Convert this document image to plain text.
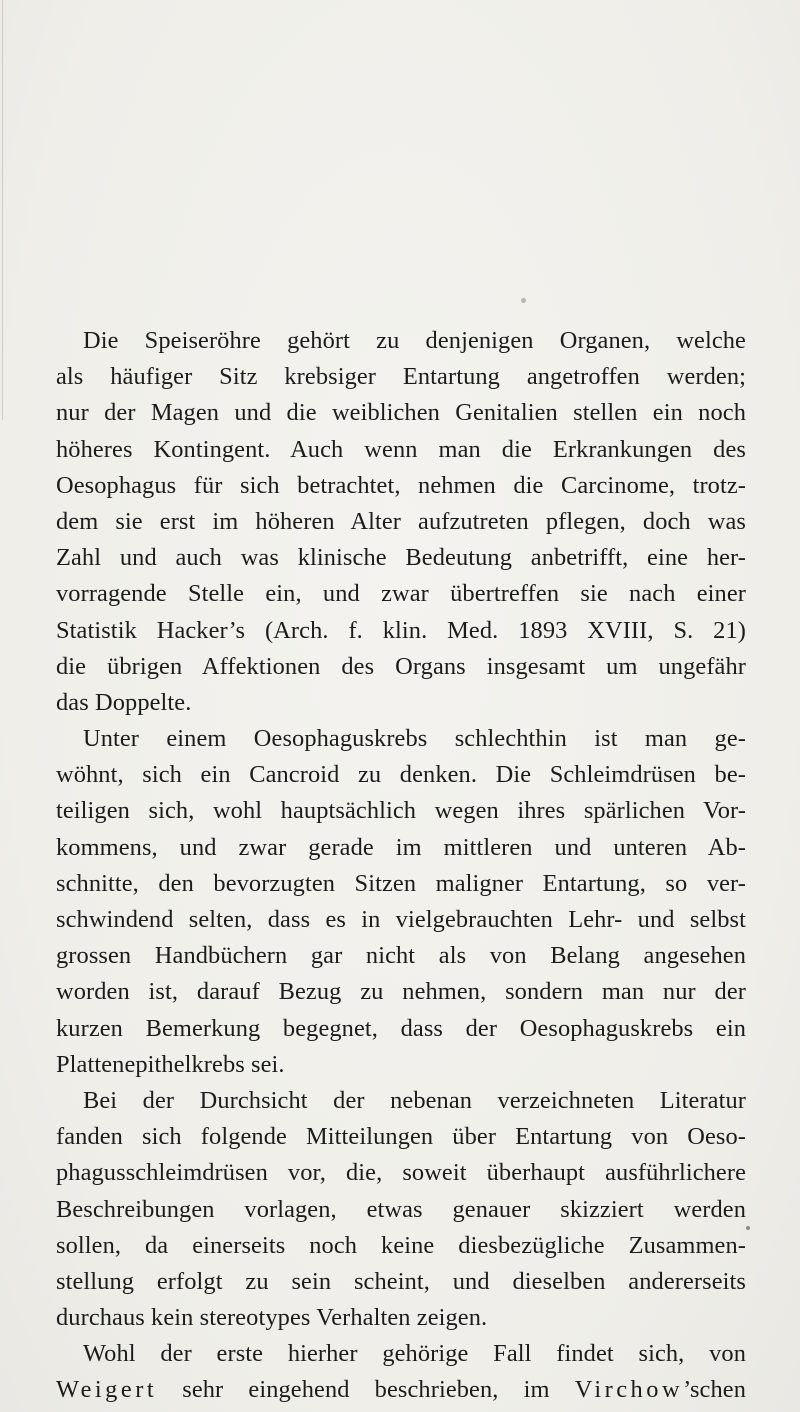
Die Speiseröhre gehört zu denjenigen Organen, welche
als häufiger Sitz krebsiger Entartung angetroffen werden;
nur der Magen und die weiblichen Genitalien stellen ein noch
höheres Kontingent. Auch wenn man die Erkrankungen des
Oesophagus für sich betrachtet, nehmen die Carcinome, trotz-
dem sie erst im höheren Alter aufzutreten pflegen, doch was
Zahl und auch was klinische Bedeutung anbetrifft, eine her-
vorragende Stelle ein, und zwar übertreffen sie nach einer
Statistik Hacker’s (Arch. f. klin. Med. 1893 XVIII, S. 21)
die übrigen Affektionen des Organs insgesamt um ungefähr
das Doppelte.
Unter einem Oesophaguskrebs schlechthin ist man ge-
wöhnt, sich ein Cancroid zu denken. Die Schleimdrüsen be-
teiligen sich, wohl hauptsächlich wegen ihres spärlichen Vor-
kommens, und zwar gerade im mittleren und unteren Ab-
schnitte, den bevorzugten Sitzen maligner Entartung, so ver-
schwindend selten, dass es in vielgebrauchten Lehr- und selbst
grossen Handbüchern gar nicht als von Belang angesehen
worden ist, darauf Bezug zu nehmen, sondern man nur der
kurzen Bemerkung begegnet, dass der Oesophaguskrebs ein
Plattenepithelkrebs sei.
Bei der Durchsicht der nebenan verzeichneten Literatur
fanden sich folgende Mitteilungen über Entartung von Oeso-
phagusschleimdrüsen vor, die, soweit überhaupt ausführlichere
Beschreibungen vorlagen, etwas genauer skizziert werden
sollen, da einerseits noch keine diesbezügliche Zusammen-
stellung erfolgt zu sein scheint, und dieselben andererseits
durchaus kein stereotypes Verhalten zeigen.
Wohl der erste hierher gehörige Fall findet sich, von
Weigert sehr eingehend beschrieben, im Virchow’schen
